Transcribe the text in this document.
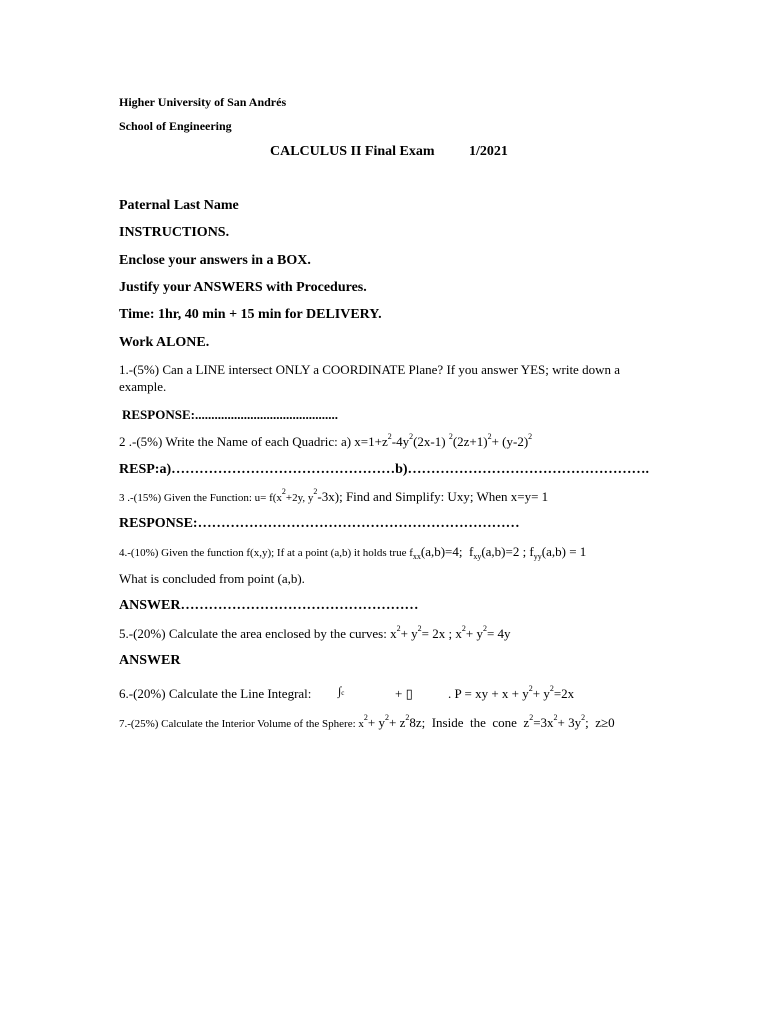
Higher University of San Andrés
School of Engineering
CALCULUS II Final Exam 1/2021
Paternal Last Name
INSTRUCTIONS.
Enclose your answers in a BOX.
Justify your ANSWERS with Procedures.
Time: 1hr, 40 min + 15 min for DELIVERY.
Work ALONE.
1.-(5%) Can a LINE intersect ONLY a COORDINATE Plane? If you answer YES; write down a
example.
RESPONSE:............................................
2 .-(5%) Write the Name of each Quadric: a) $x=1+z^2-4y^2(2x-1)$ $^2(2z+1)^2+ (y-2)^2$
RESP:a)…………………………………………b)…………………………………………….
3 .-(15%) Given the Function: $u= f(x^2+2y$, $y^2-3x$); Find and Simplify: Uxy; When x=y= 1
RESPONSE:……………………………………………………………
4.-(10%) Given the function f(x,y); If at a point (a,b) it holds true $f_{xx}(a,b)=4$;  $f_{xy}(a,b)=2$ ; $f_{yy}(a,b) = 1$
What is concluded from point (a,b).
ANSWER……………………………………………
5.-(20%) Calculate the area enclosed by the curves: $x^2+ y^2= 2x$ ; $x^2+ y^2= 4y$
ANSWER
6.-(20%) Calculate the Line Integral: ∫c	+ ▯	. P = xy + $x + y^2+ y^2=2x$
7.-(25%) Calculate the Interior Volume of the Sphere: $x^2+ y^2+ z^28z$;  Inside  the  cone  $z^2=3x^2+ 3y^2$;  z≥0
